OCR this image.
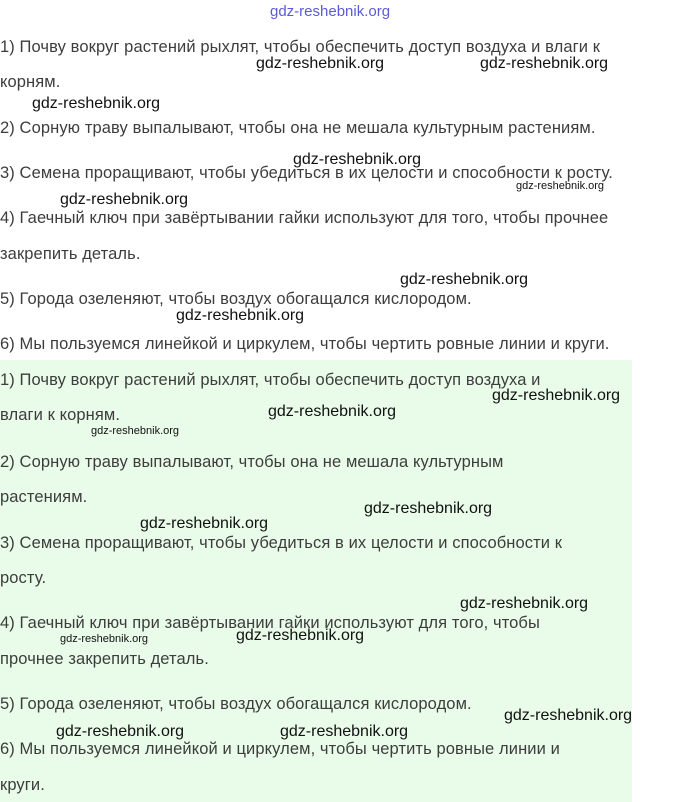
gdz-reshebnik.org
1) Почву вокруг растений рыхлят, чтобы обеспечить доступ воздуха и влаги к
корням.
2) Сорную траву выпалывают, чтобы она не мешала культурным растениям.
3) Семена проращивают, чтобы убедиться в их целости и способности к росту.
4) Гаечный ключ при завёртывании гайки используют для того, чтобы прочнее
закрепить деталь.
5) Города озеленяют, чтобы воздух обогащался кислородом.
6) Мы пользуемся линейкой и циркулем, чтобы чертить ровные линии и круги.
1) Почву вокруг растений рыхлят, чтобы обеспечить доступ воздуха и
влаги к корням.
2) Сорную траву выпалывают, чтобы она не мешала культурным
растениям.
3) Семена проращивают, чтобы убедиться в их целости и способности к
росту.
4) Гаечный ключ при завёртывании гайки используют для того, чтобы
прочнее закрепить деталь.
5) Города озеленяют, чтобы воздух обогащался кислородом.
6) Мы пользуемся линейкой и циркулем, чтобы чертить ровные линии и
круги.
gdz-reshebnik.org	gdz-reshebnik.org
gdz-reshebnik.org
gdz-reshebnik.org
gdz-reshebnik.org
gdz-reshebnik.org
gdz-reshebnik.org
gdz-reshebnik.org
gdz-reshebnik.org
gdz-reshebnik.org
gdz-reshebnik.org
gdz-reshebnik.org
gdz-reshebnik.org
gdz-reshebnik.org
gdz-reshebnik.org
gdz-reshebnik.org
gdz-reshebnik.org
gdz-reshebnik.org	gdz-reshebnik.org
